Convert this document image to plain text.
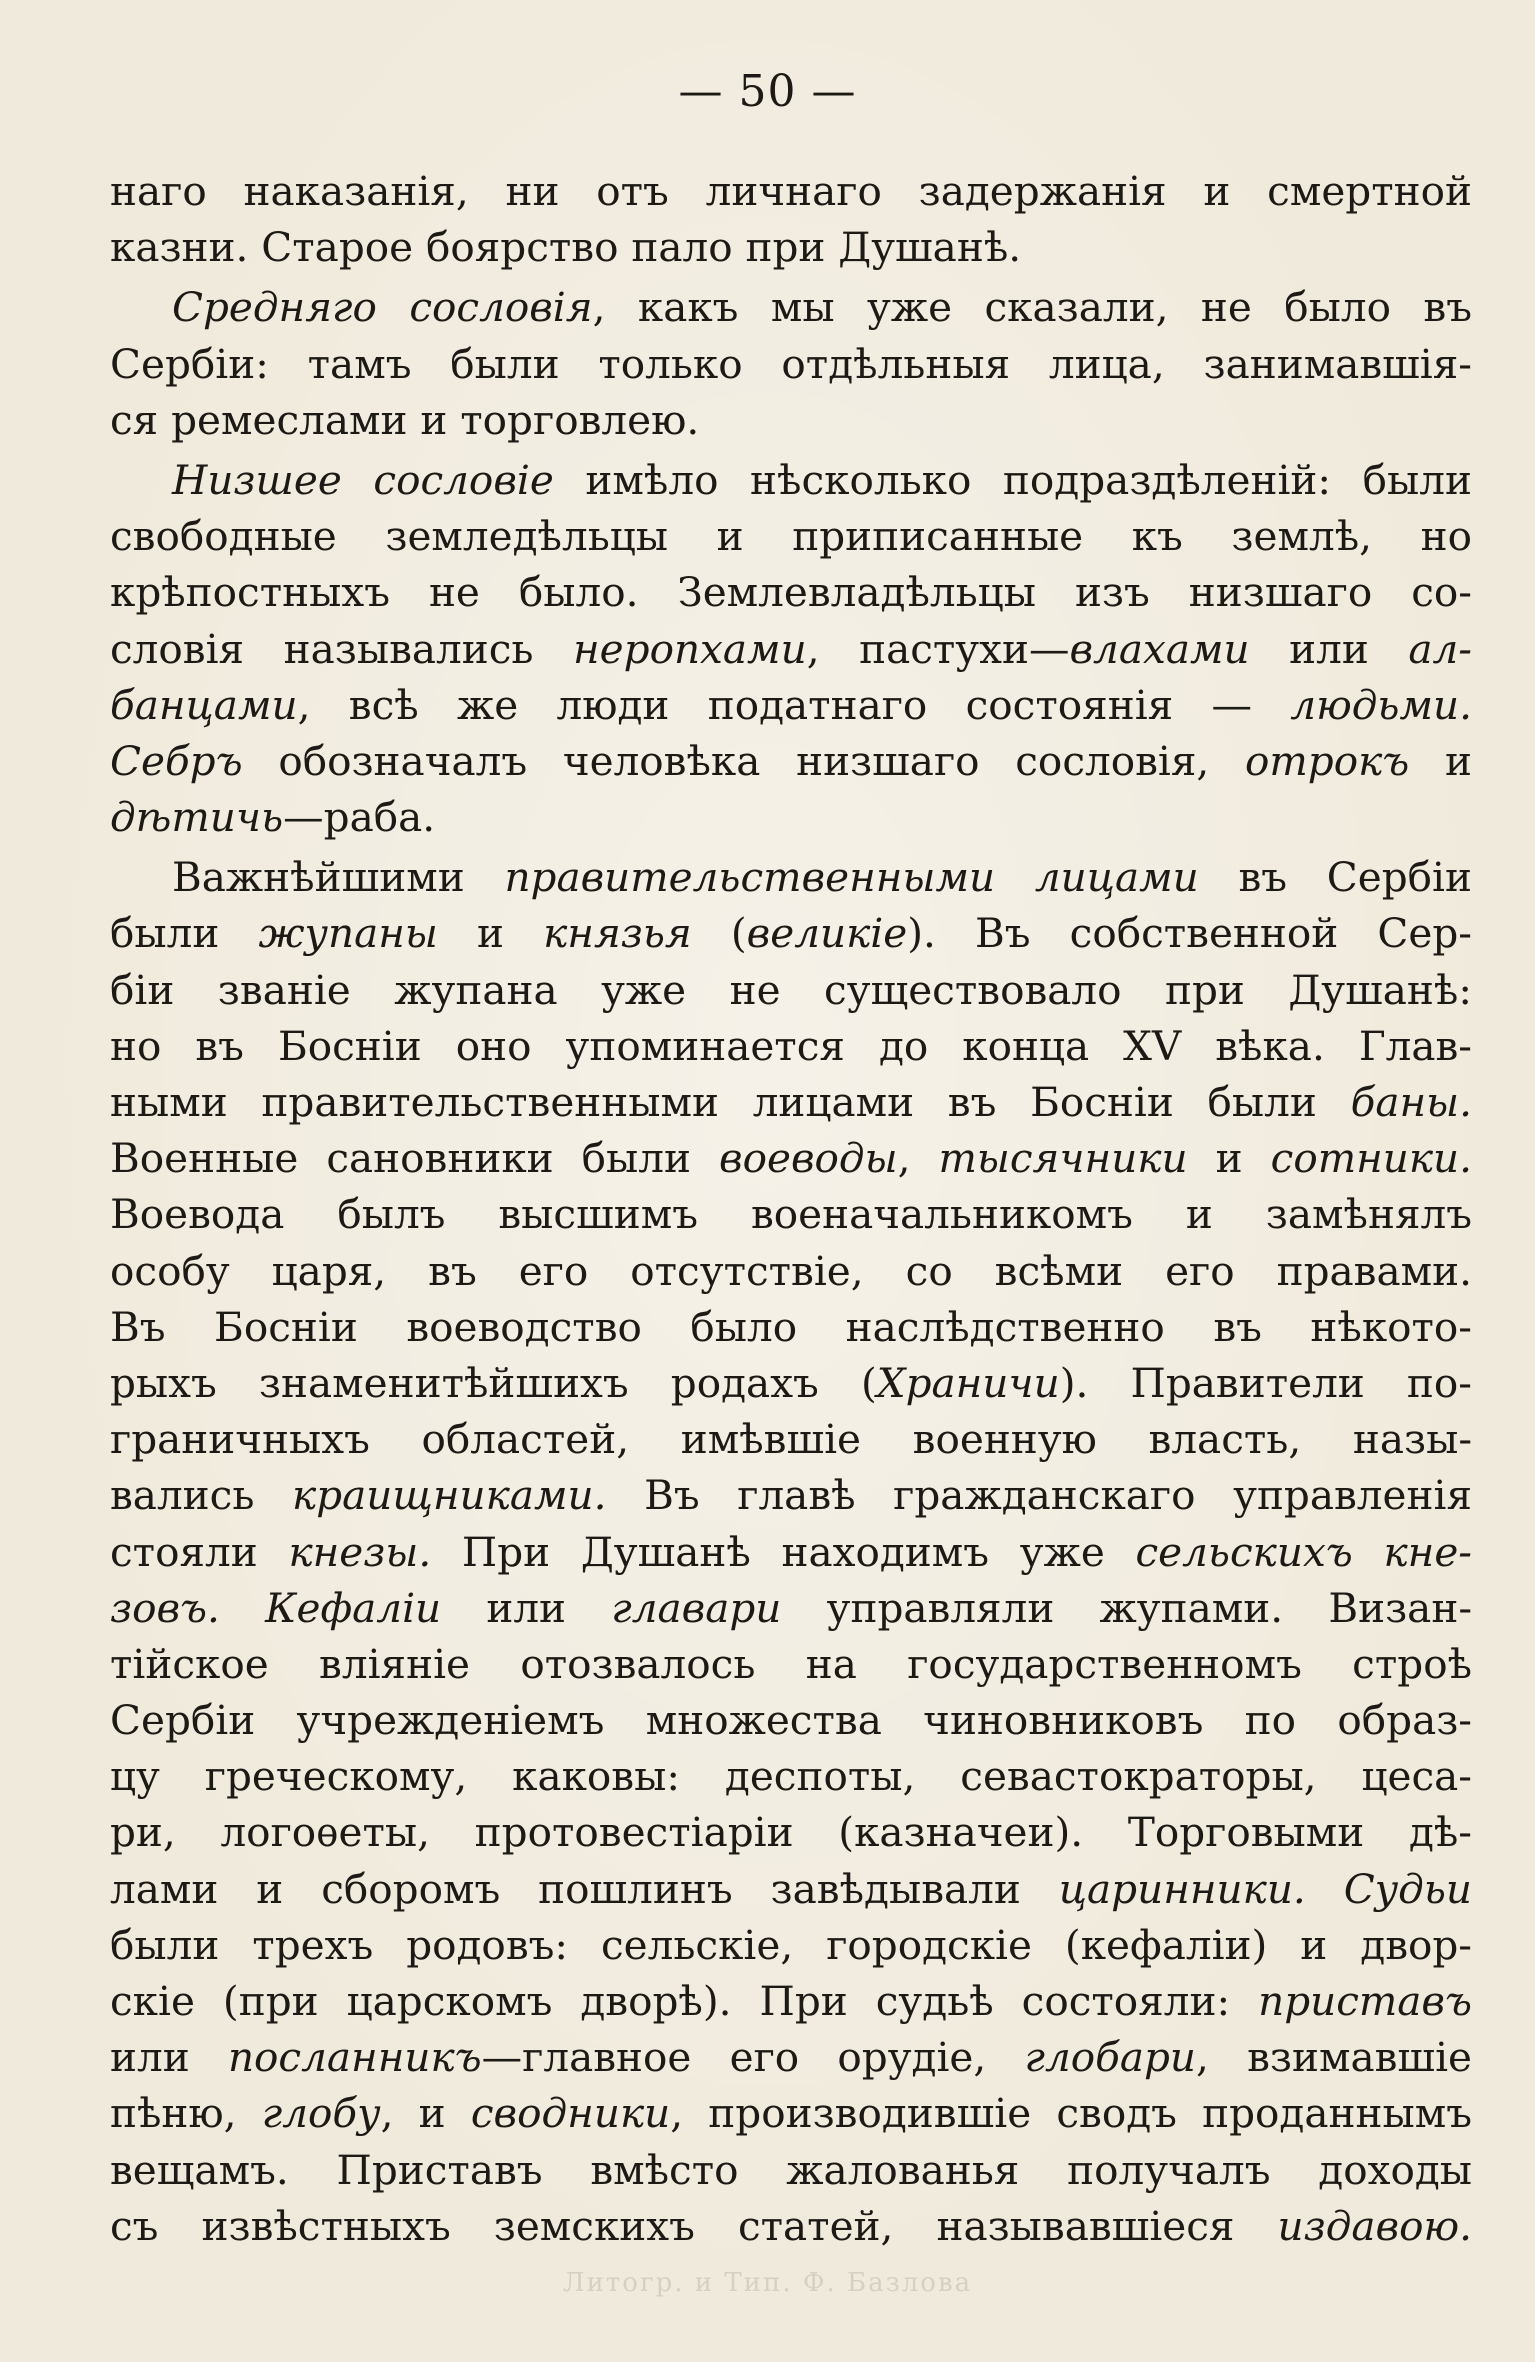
— 50 —
наго наказанія, ни отъ личнаго задержанія и смертной
казни. Старое боярство пало при Душанѣ.
Средняго сословія, какъ мы уже сказали, не было въ
Сербіи: тамъ были только отдѣльныя лица, занимавшія-
ся ремеслами и торговлею.
Низшее сословіе имѣло нѣсколько подраздѣленій: были
свободные земледѣльцы и приписанные къ землѣ, но
крѣпостныхъ не было. Землевладѣльцы изъ низшаго со-
словія назывались неропхами, пастухи—влахами или ал-
банцами, всѣ же люди податнаго состоянія — людьми.
Себръ обозначалъ человѣка низшаго сословія, отрокъ и
дѣтичь—раба.
Важнѣйшими правительственными лицами въ Сербіи
были жупаны и князья (великіе). Въ собственной Сер-
біи званіе жупана уже не существовало при Душанѣ:
но въ Босніи оно упоминается до конца XV вѣка. Глав-
ными правительственными лицами въ Босніи были баны.
Военные сановники были воеводы, тысячники и сотники.
Воевода былъ высшимъ военачальникомъ и замѣнялъ
особу царя, въ его отсутствіе, со всѣми его правами.
Въ Босніи воеводство было наслѣдственно въ нѣкото-
рыхъ знаменитѣйшихъ родахъ (Хрaничи). Правители по-
граничныхъ областей, имѣвшіе военную власть, назы-
вались краищниками. Въ главѣ гражданскаго управленія
стояли кнезы. При Душанѣ находимъ уже сельскихъ кне-
зовъ. Кефаліи или главари управляли жупами. Визан-
тійское вліяніе отозвалось на государственномъ строѣ
Сербіи учрежденіемъ множества чиновниковъ по образ-
цу греческому, каковы: деспоты, севастократоры, цеса-
ри, логоѳеты, протовестіаріи (казначеи). Торговыми дѣ-
лами и сборомъ пошлинъ завѣдывали царинники. Судьи
были трехъ родовъ: сельскіе, городскіе (кефаліи) и двор-
скіе (при царскомъ дворѣ). При судьѣ состояли: приставъ
или посланникъ—главное его орудіе, глобари, взимавшіе
пѣню, глобу, и сводники, производившіе сводъ проданнымъ
вещамъ. Приставъ вмѣсто жалованья получалъ доходы
съ извѣстныхъ земскихъ статей, называвшіеся издавою.
Литогр. и Тип. Ф. Базлова
